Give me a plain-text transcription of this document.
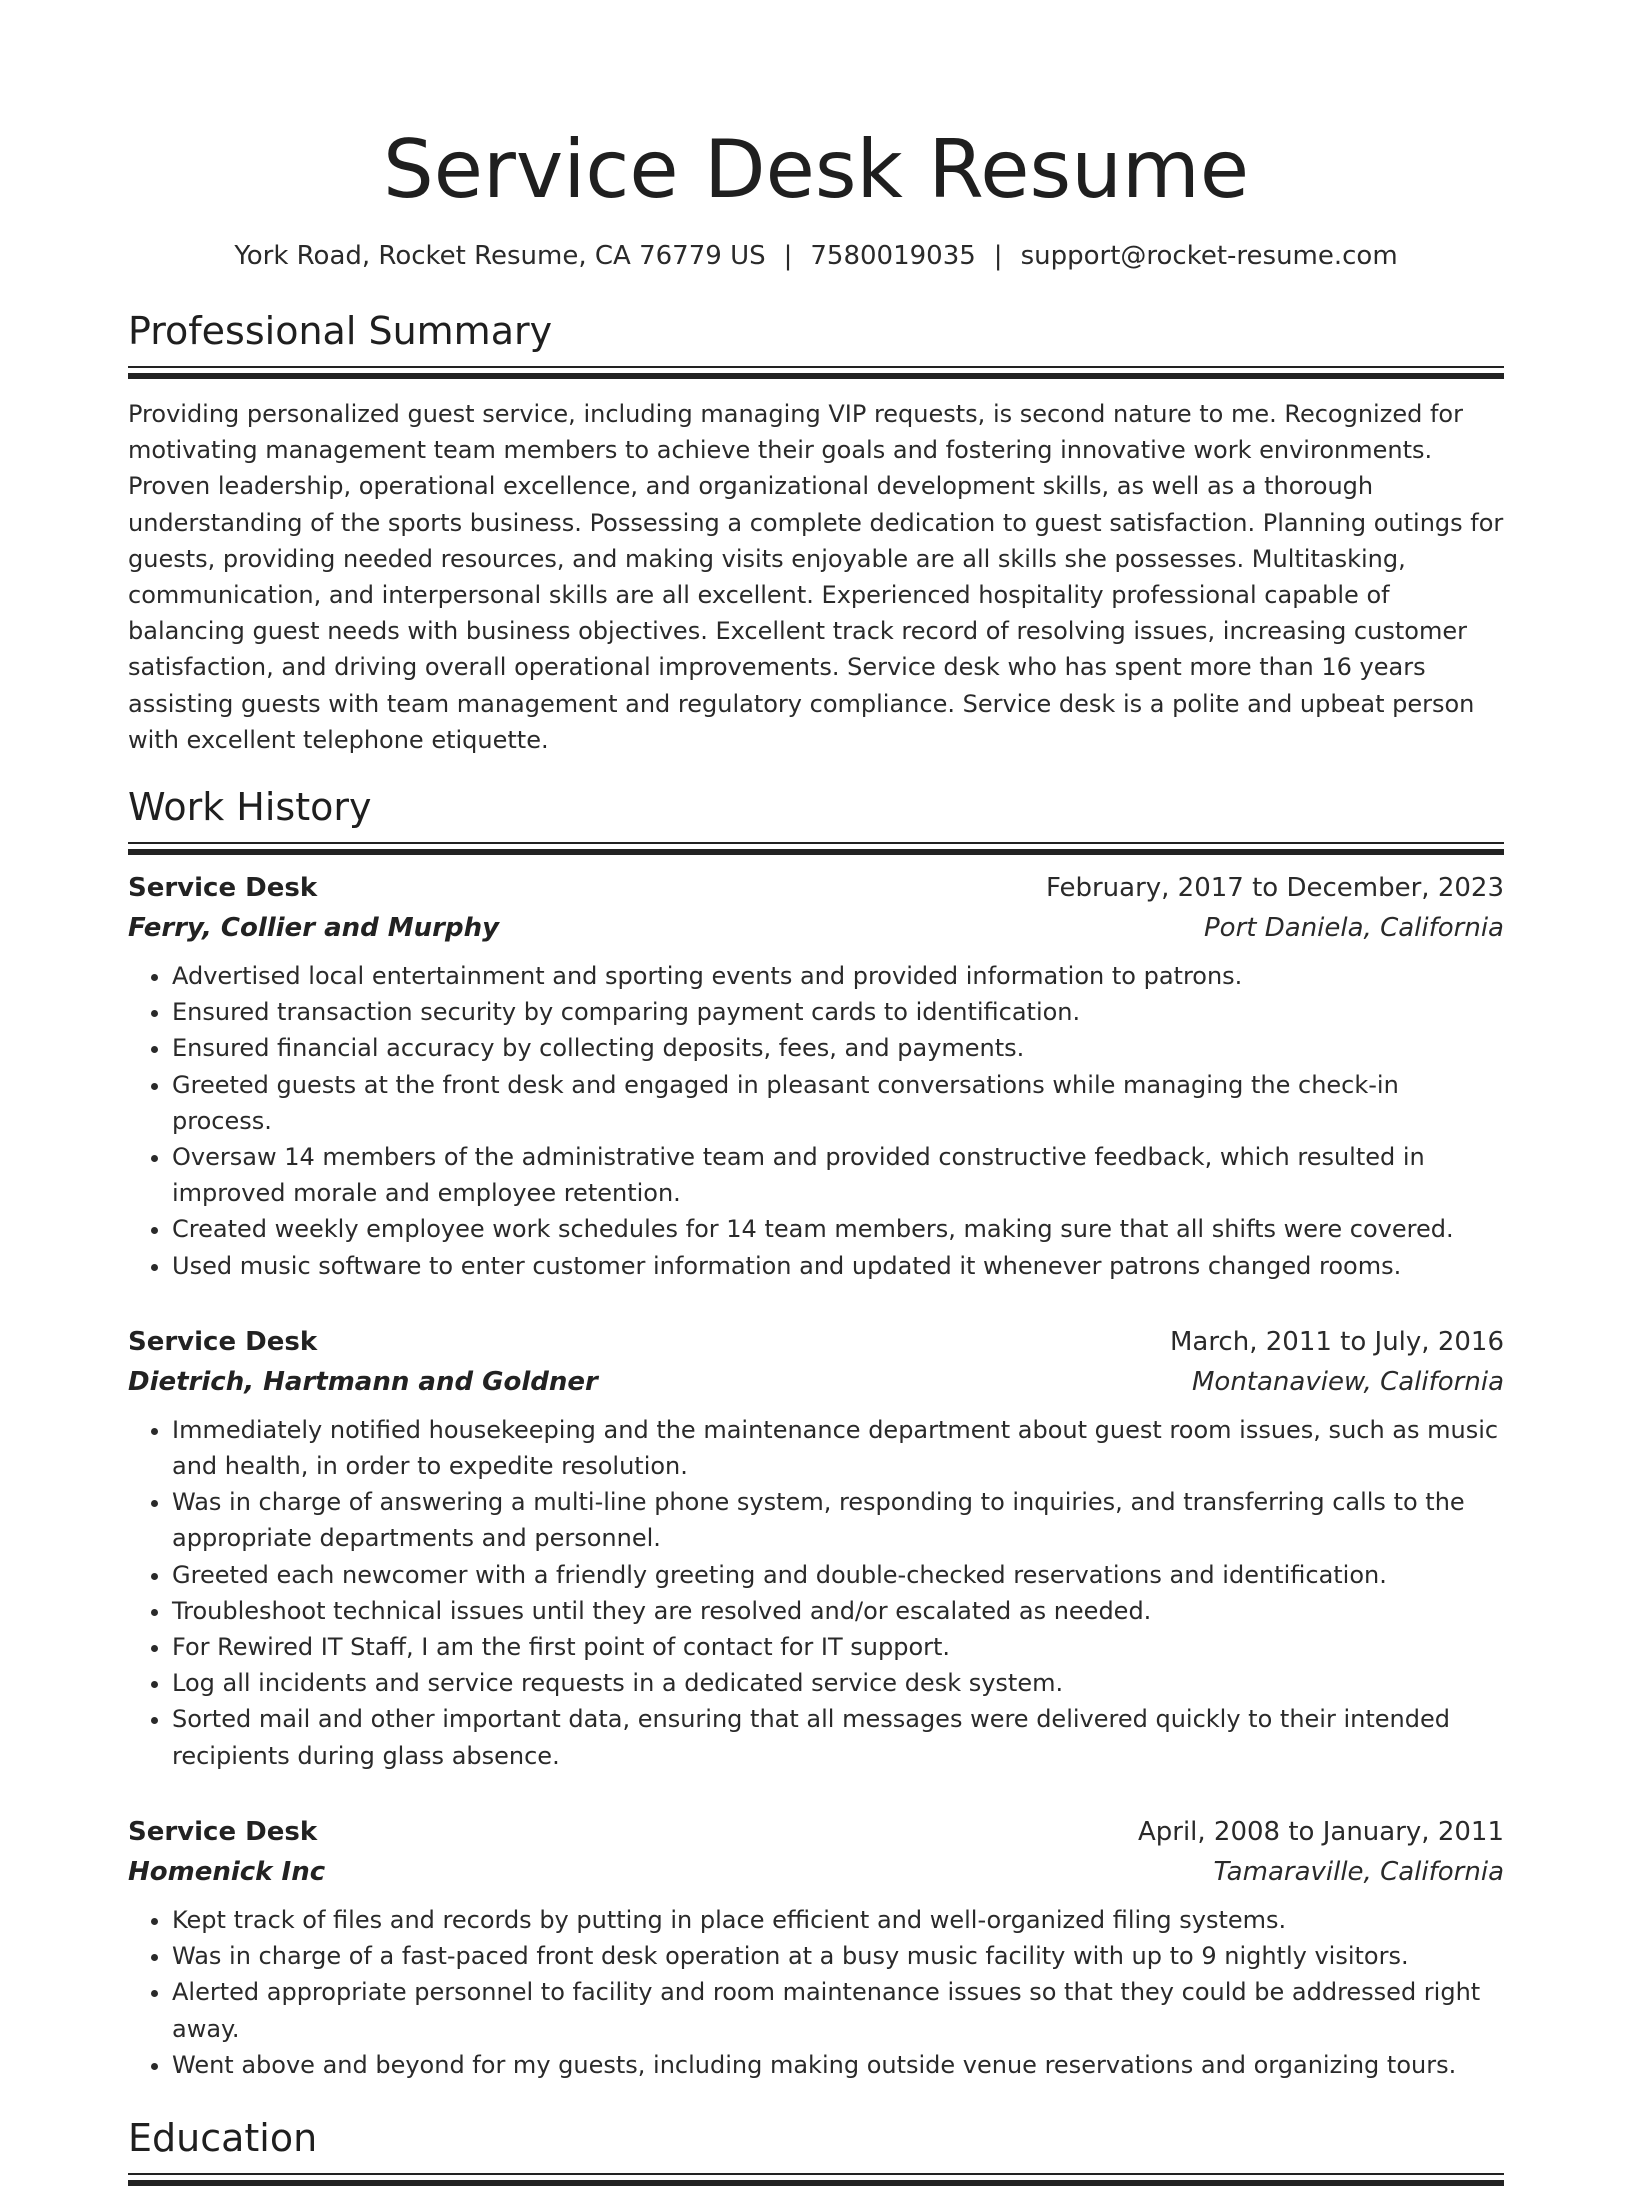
Service Desk Resume
York Road, Rocket Resume, CA 76779 US | 7580019035 | support@rocket-resume.com
Professional Summary
Providing personalized guest service, including managing VIP requests, is second nature to me. Recognized for motivating management team members to achieve their goals and fostering innovative work environments. Proven leadership, operational excellence, and organizational development skills, as well as a thorough understanding of the sports business. Possessing a complete dedication to guest satisfaction. Planning outings for guests, providing needed resources, and making visits enjoyable are all skills she possesses. Multitasking, communication, and interpersonal skills are all excellent. Experienced hospitality professional capable of balancing guest needs with business objectives. Excellent track record of resolving issues, increasing customer satisfaction, and driving overall operational improvements. Service desk who has spent more than 16 years assisting guests with team management and regulatory compliance. Service desk is a polite and upbeat person with excellent telephone etiquette.
Work History
Service Desk	February, 2017 to December, 2023
Ferry, Collier and Murphy	Port Daniela, California
• Advertised local entertainment and sporting events and provided information to patrons.
• Ensured transaction security by comparing payment cards to identification.
• Ensured financial accuracy by collecting deposits, fees, and payments.
• Greeted guests at the front desk and engaged in pleasant conversations while managing the check-in process.
• Oversaw 14 members of the administrative team and provided constructive feedback, which resulted in improved morale and employee retention.
• Created weekly employee work schedules for 14 team members, making sure that all shifts were covered.
• Used music software to enter customer information and updated it whenever patrons changed rooms.
Service Desk	March, 2011 to July, 2016
Dietrich, Hartmann and Goldner	Montanaview, California
• Immediately notified housekeeping and the maintenance department about guest room issues, such as music and health, in order to expedite resolution.
• Was in charge of answering a multi-line phone system, responding to inquiries, and transferring calls to the appropriate departments and personnel.
• Greeted each newcomer with a friendly greeting and double-checked reservations and identification.
• Troubleshoot technical issues until they are resolved and/or escalated as needed.
• For Rewired IT Staff, I am the first point of contact for IT support.
• Log all incidents and service requests in a dedicated service desk system.
• Sorted mail and other important data, ensuring that all messages were delivered quickly to their intended recipients during glass absence.
Service Desk	April, 2008 to January, 2011
Homenick Inc	Tamaraville, California
• Kept track of files and records by putting in place efficient and well-organized filing systems.
• Was in charge of a fast-paced front desk operation at a busy music facility with up to 9 nightly visitors.
• Alerted appropriate personnel to facility and room maintenance issues so that they could be addressed right away.
• Went above and beyond for my guests, including making outside venue reservations and organizing tours.
Education
